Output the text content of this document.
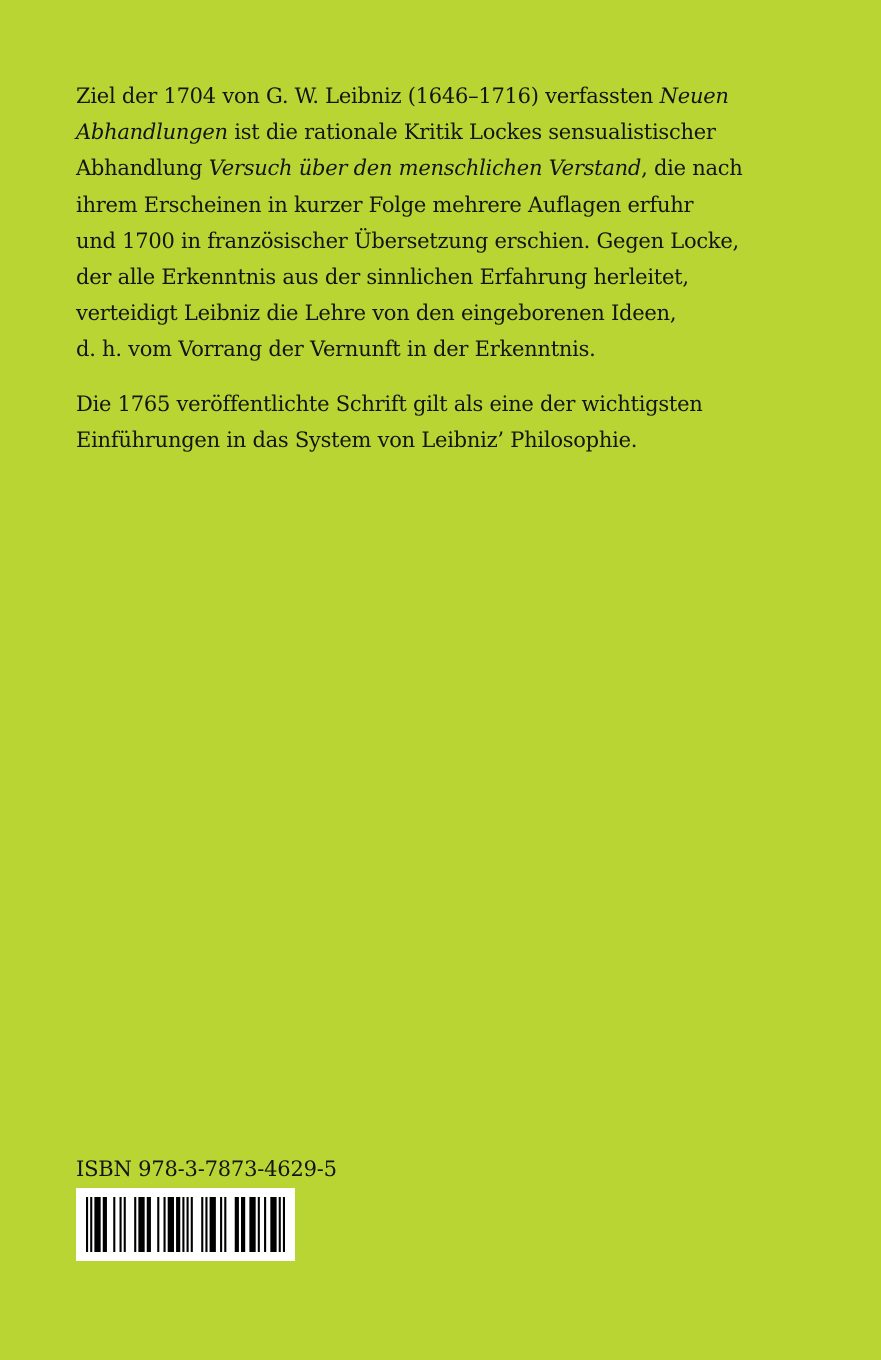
Ziel der 1704 von G. W. Leibniz (1646–1716) verfassten Neuen
Abhandlungen ist die rationale Kritik Lockes sensualistischer
Abhandlung Versuch über den menschlichen Verstand, die nach
ihrem Erscheinen in kurzer Folge mehrere Auflagen erfuhr
und 1700 in französischer Übersetzung erschien. Gegen Locke,
der alle Erkenntnis aus der sinnlichen Erfahrung herleitet,
verteidigt Leibniz die Lehre von den eingeborenen Ideen,
d. h. vom Vorrang der Vernunft in der Erkenntnis.

Die 1765 veröffentlichte Schrift gilt als eine der wichtigsten
Einführungen in das System von Leibniz’ Philosophie.

ISBN 978-3-7873-4629-5
